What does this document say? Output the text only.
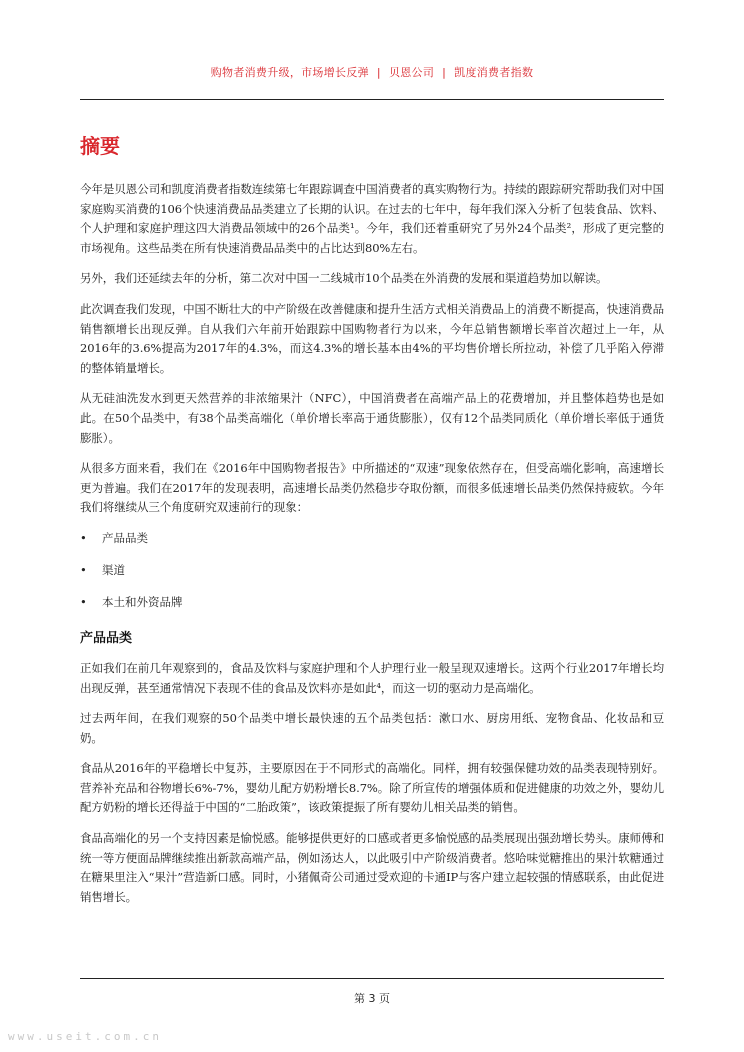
购物者消费升级，市场增长反弹 | 贝恩公司 | 凯度消费者指数
摘要

今年是贝恩公司和凯度消费者指数连续第七年跟踪调查中国消费者的真实购物行为。持续的跟踪研究帮助我们对中国家庭购买消费的106个快速消费品品类建立了长期的认识。在过去的七年中，每年我们深入分析了包装食品、饮料、个人护理和家庭护理这四大消费品领域中的26个品类¹。今年，我们还着重研究了另外24个品类²，形成了更完整的市场视角。这些品类在所有快速消费品品类中的占比达到80%左右。

另外，我们还延续去年的分析，第二次对中国一二线城市10个品类在外消费的发展和渠道趋势加以解读。

此次调查我们发现，中国不断壮大的中产阶级在改善健康和提升生活方式相关消费品上的消费不断提高，快速消费品销售额增长出现反弹。自从我们六年前开始跟踪中国购物者行为以来，今年总销售额增长率首次超过上一年，从2016年的3.6%提高为2017年的4.3%，而这4.3%的增长基本由4%的平均售价增长所拉动，补偿了几乎陷入停滞的整体销量增长。

从无硅油洗发水到更天然营养的非浓缩果汁（NFC），中国消费者在高端产品上的花费增加，并且整体趋势也是如此。在50个品类中，有38个品类高端化（单价增长率高于通货膨胀），仅有12个品类同质化（单价增长率低于通货膨胀）。

从很多方面来看，我们在《2016年中国购物者报告》中所描述的“双速”现象依然存在，但受高端化影响，高速增长更为普遍。我们在2017年的发现表明，高速增长品类仍然稳步夺取份额，而很多低速增长品类仍然保持疲软。今年我们将继续从三个角度研究双速前行的现象：

•	产品品类
•	渠道
•	本土和外资品牌
产品品类

正如我们在前几年观察到的，食品及饮料与家庭护理和个人护理行业一般呈现双速增长。这两个行业2017年增长均出现反弹，甚至通常情况下表现不佳的食品及饮料亦是如此⁴，而这一切的驱动力是高端化。

过去两年间，在我们观察的50个品类中增长最快速的五个品类包括：漱口水、厨房用纸、宠物食品、化妆品和豆奶。

食品从2016年的平稳增长中复苏，主要原因在于不同形式的高端化。同样，拥有较强保健功效的品类表现特别好。营养补充品和谷物增长6%-7%，婴幼儿配方奶粉增长8.7%。除了所宣传的增强体质和促进健康的功效之外，婴幼儿配方奶粉的增长还得益于中国的“二胎政策”，该政策提振了所有婴幼儿相关品类的销售。

食品高端化的另一个支持因素是愉悦感。能够提供更好的口感或者更多愉悦感的品类展现出强劲增长势头。康师傅和统一等方便面品牌继续推出新款高端产品，例如汤达人，以此吸引中产阶级消费者。悠哈味觉糖推出的果汁软糖通过在糖果里注入“果汁”营造新口感。同时，小猪佩奇公司通过受欢迎的卡通IP与客户建立起较强的情感联系，由此促进销售增长。

第 3 页
www.useit.com.cn
